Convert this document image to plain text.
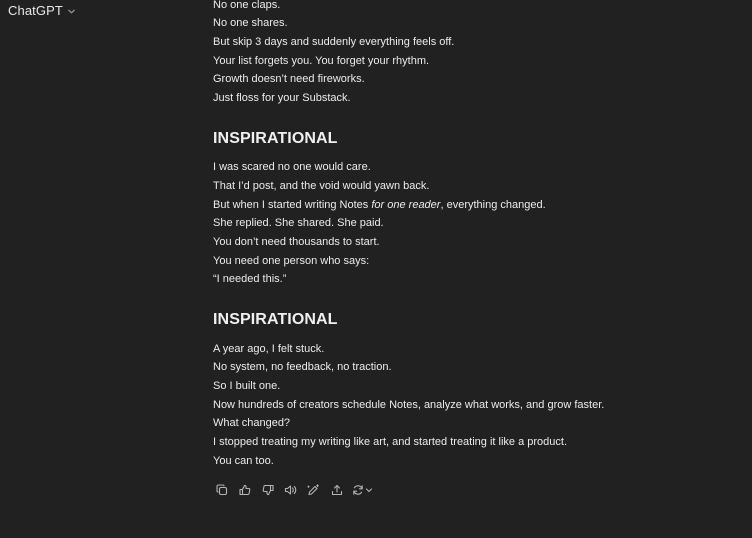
ChatGPT	No one claps.
No one shares.
But skip 3 days and suddenly everything feels off.
Your list forgets you. You forget your rhythm.
Growth doesn’t need fireworks.
Just floss for your Substack.
INSPIRATIONAL
I was scared no one would care.
That I’d post, and the void would yawn back.
But when I started writing Notes for one reader, everything changed.
She replied. She shared. She paid.
You don’t need thousands to start.
You need one person who says:
“I needed this.”
INSPIRATIONAL
A year ago, I felt stuck.
No system, no feedback, no traction.
So I built one.
Now hundreds of creators schedule Notes, analyze what works, and grow faster.
What changed?
I stopped treating my writing like art, and started treating it like a product.
You can too.
